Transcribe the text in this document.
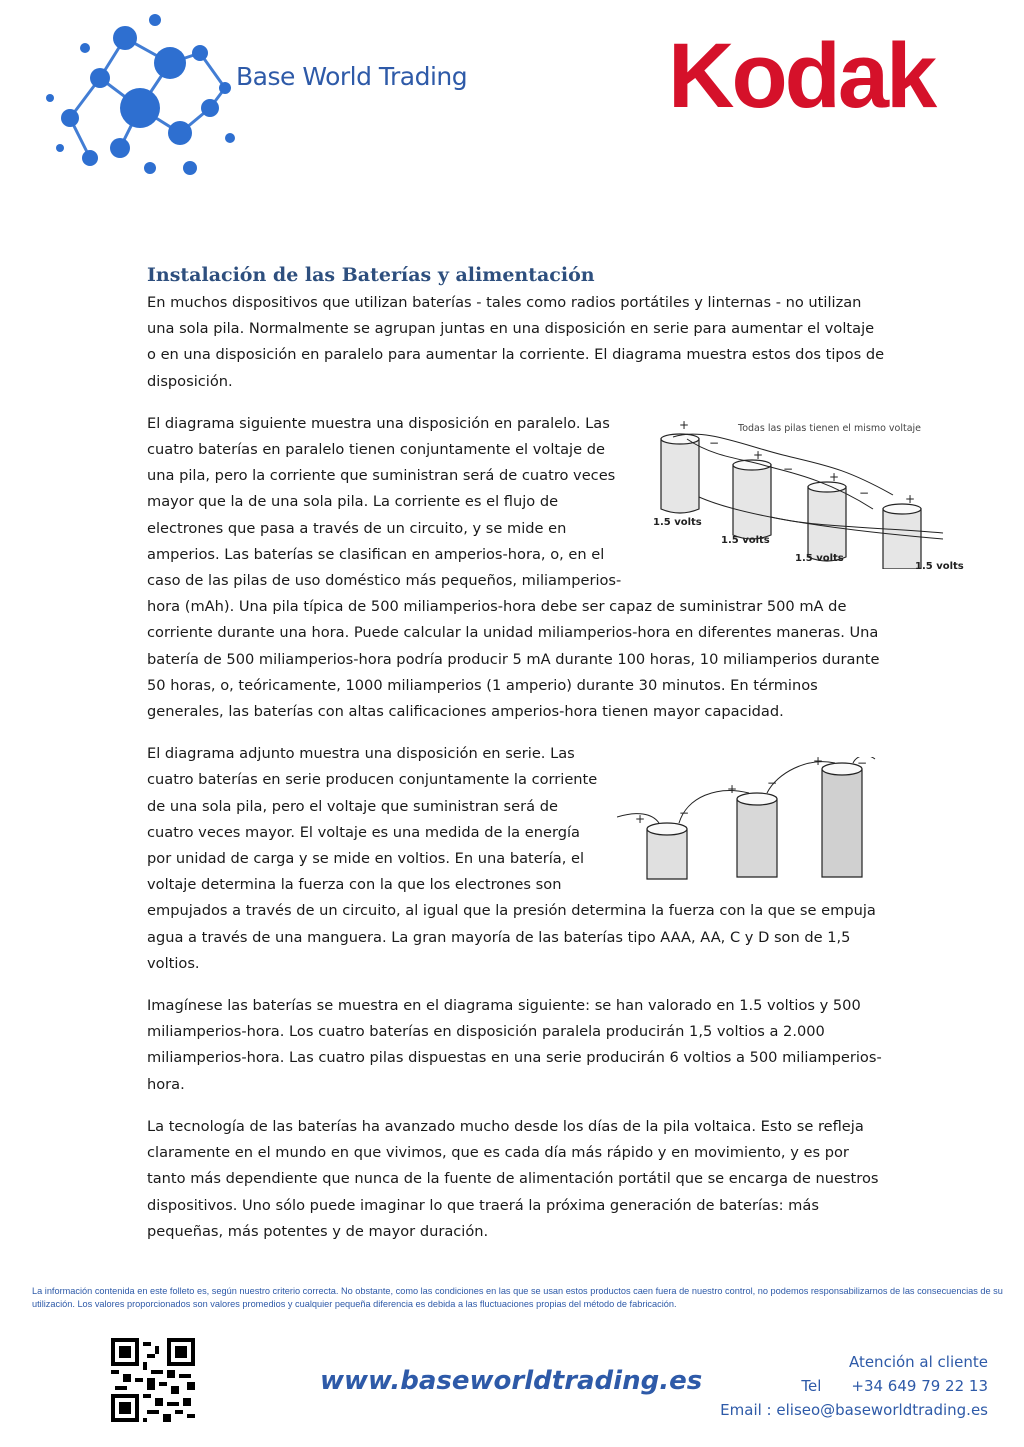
Base World Trading Kodak
Instalación de las Baterías y alimentación

En muchos dispositivos que utilizan baterías - tales como radios portátiles y linternas - no utilizan una sola pila. Normalmente se agrupan juntas en una disposición en serie para aumentar el voltaje o en una disposición en paralelo para aumentar la corriente. El diagrama muestra estos dos tipos de disposición.

Todas las pilas tienen el mismo voltaje
1.5 volts
1.5 volts
1.5 volts
1.5 volts
+
+
+
+
−
−
−

El diagrama siguiente muestra una disposición en paralelo. Las cuatro baterías en paralelo tienen conjuntamente el voltaje de una pila, pero la corriente que suministran será de cuatro veces mayor que la de una sola pila. La corriente es el flujo de electrones que pasa a través de un circuito, y se mide en amperios. Las baterías se clasifican en amperios-hora, o, en el caso de las pilas de uso doméstico más pequeños, miliamperios-hora (mAh). Una pila típica de 500 miliamperios-hora debe ser capaz de suministrar 500 mA de corriente durante una hora. Puede calcular la unidad miliamperios-hora en diferentes maneras. Una batería de 500 miliamperios-hora podría producir 5 mA durante 100 horas, 10 miliamperios durante 50 horas, o, teóricamente, 1000 miliamperios (1 amperio) durante 30 minutos. En términos generales, las baterías con altas calificaciones amperios-hora tienen mayor capacidad.

+	−
+ −
+	−

El diagrama adjunto muestra una disposición en serie. Las cuatro baterías en serie producen conjuntamente la corriente de una sola pila, pero el voltaje que suministran será de cuatro veces mayor. El voltaje es una medida de la energía por unidad de carga y se mide en voltios. En una batería, el voltaje determina la fuerza con la que los electrones son empujados a través de un circuito, al igual que la presión determina la fuerza con la que se empuja agua a través de una manguera. La gran mayoría de las baterías tipo AAA, AA, C y D son de 1,5 voltios.

Imagínese las baterías se muestra en el diagrama siguiente: se han valorado en 1.5 voltios y 500 miliamperios-hora. Los cuatro baterías en disposición paralela producirán 1,5 voltios a 2.000 miliamperios-hora. Las cuatro pilas dispuestas en una serie producirán 6 voltios a 500 miliamperios-hora.

La tecnología de las baterías ha avanzado mucho desde los días de la pila voltaica. Esto se refleja claramente en el mundo en que vivimos, que es cada día más rápido y en movimiento, y es por tanto más dependiente que nunca de la fuente de alimentación portátil que se encarga de nuestros dispositivos. Uno sólo puede imaginar lo que traerá la próxima generación de baterías: más pequeñas, más potentes y de mayor duración.

La información contenida en este folleto es, según nuestro criterio correcta. No obstante, como las condiciones en las que se usan estos productos caen fuera de nuestro control, no podemos responsabilizarnos de las consecuencias de su utilización. Los valores proporcionados son valores promedios y cualquier pequeña diferencia es debida a las fluctuaciones propias del método de fabricación.
www.baseworldtrading.es
Atención al cliente
Tel +34 649 79 22 13
Email : eliseo@baseworldtrading.es
